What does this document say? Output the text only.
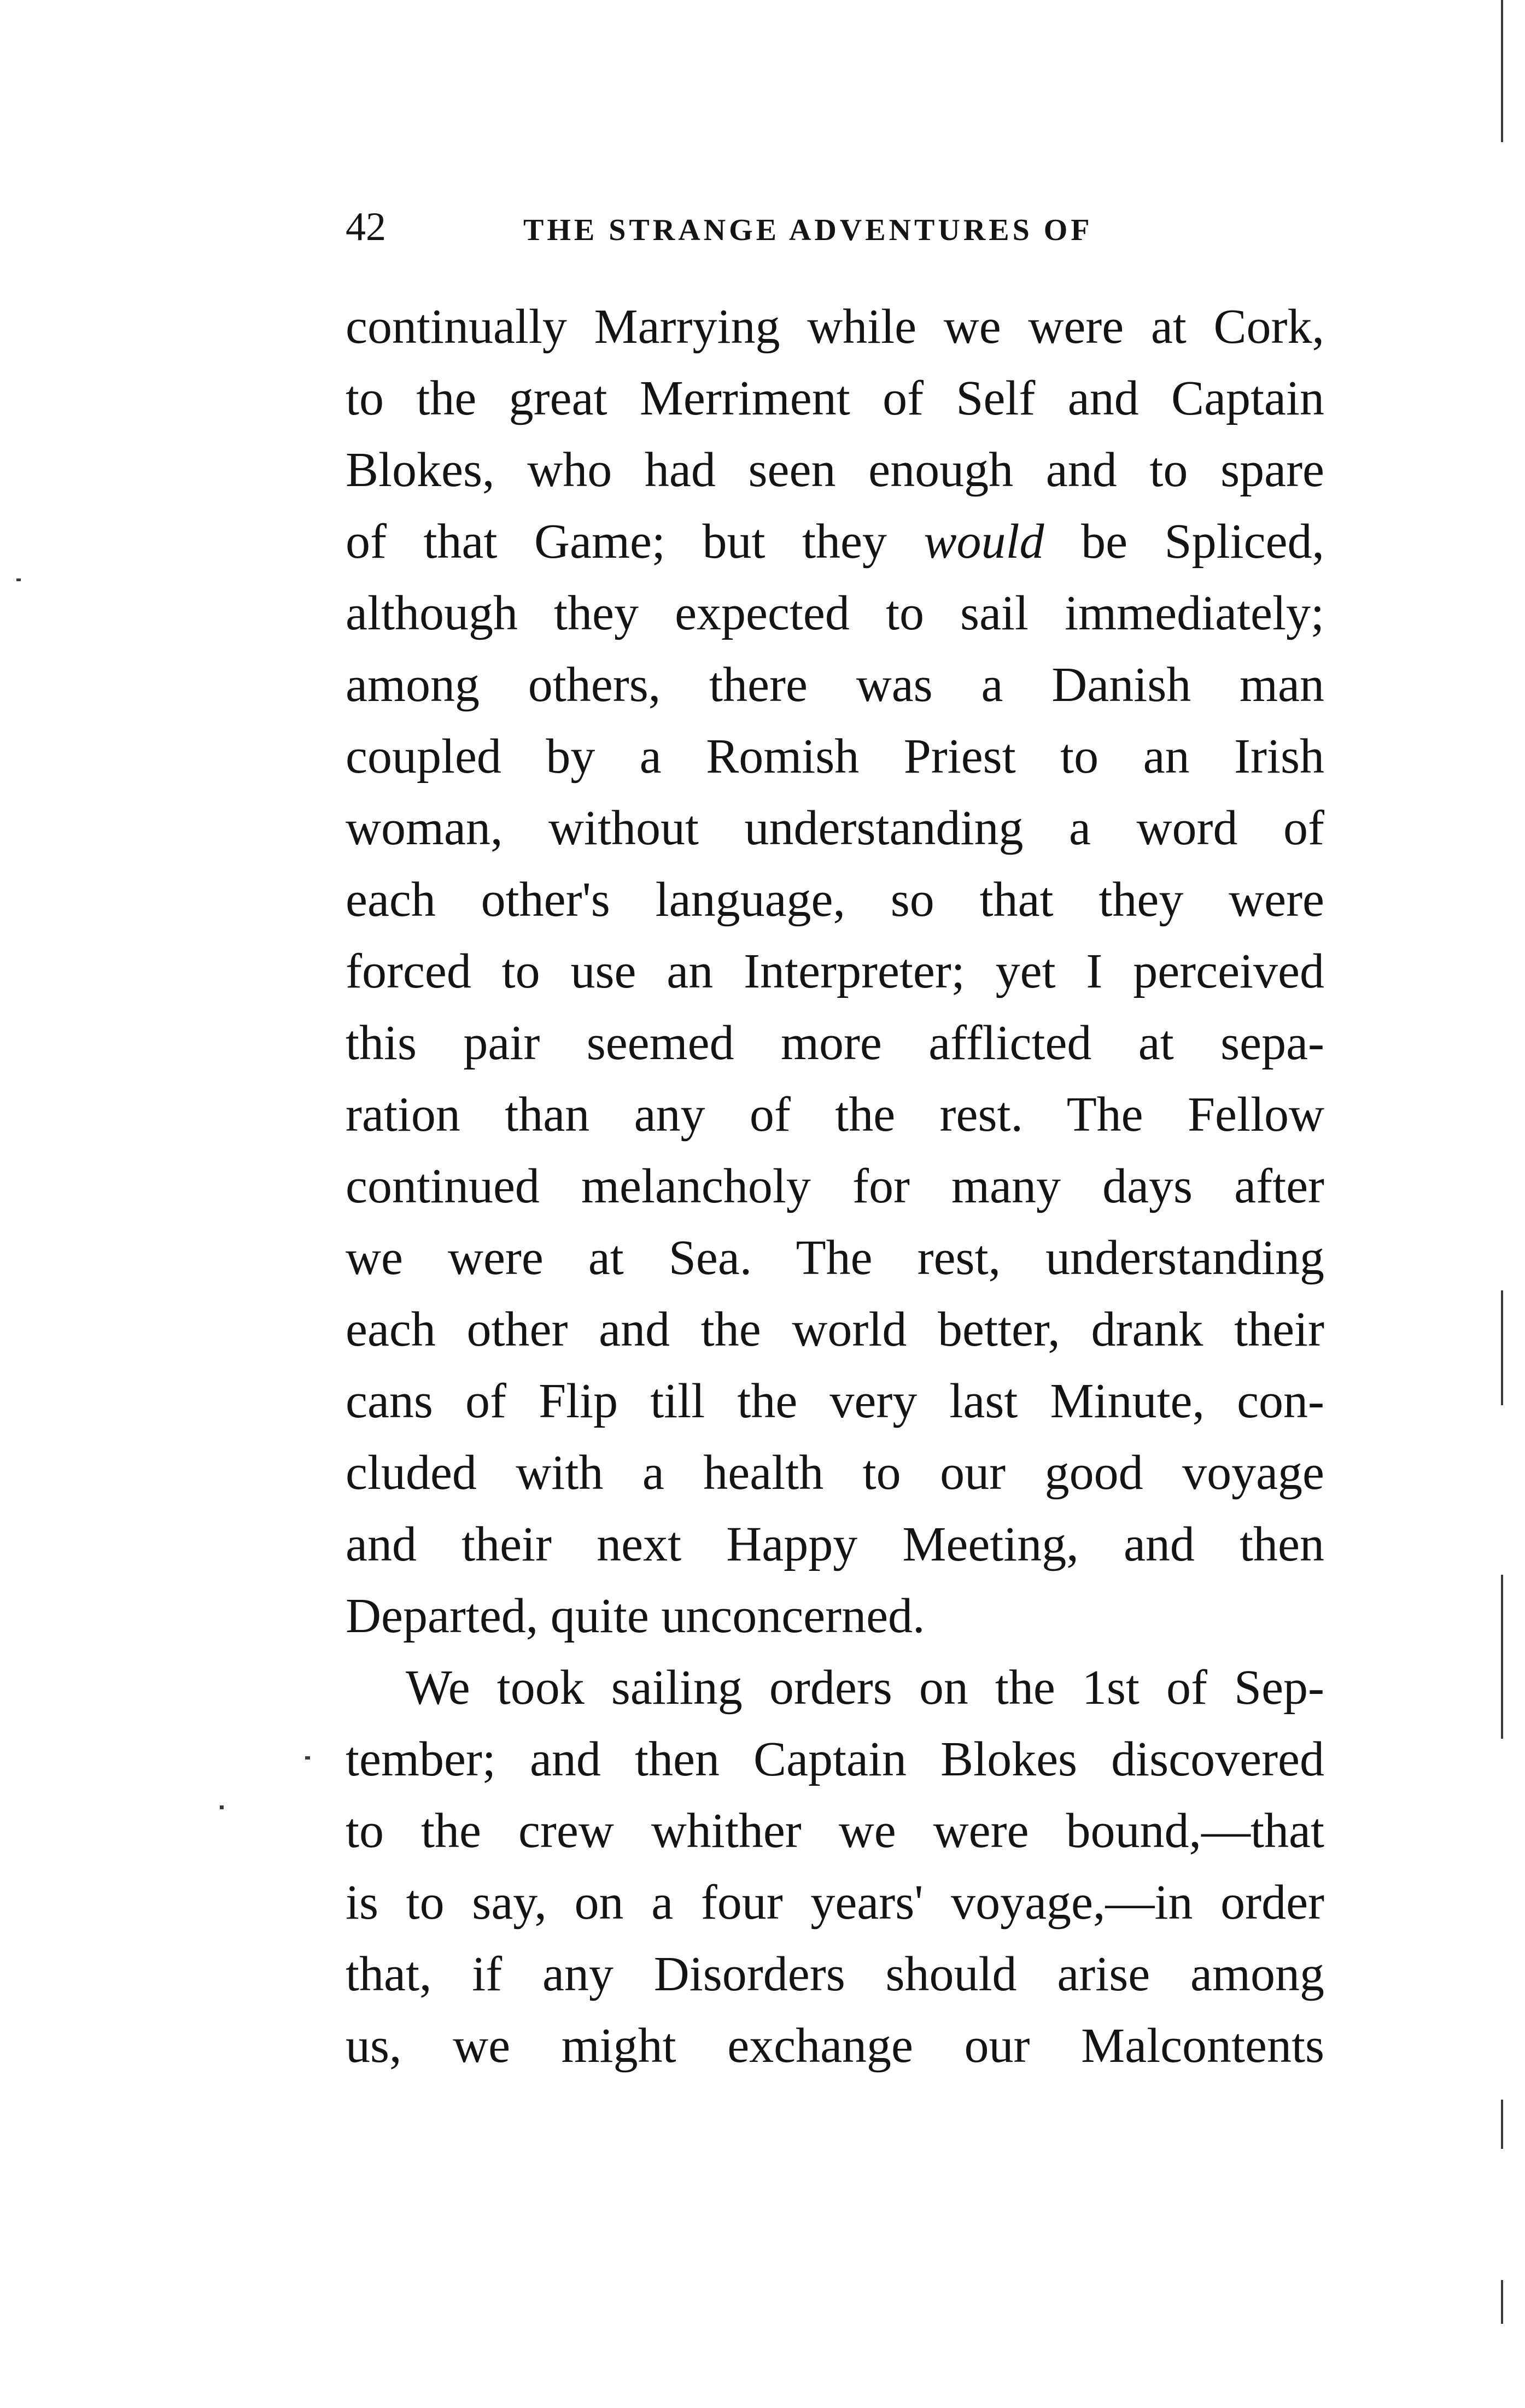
42	THE STRANGE ADVENTURES OF
continually Marrying while we were at Cork,
to the great Merriment of Self and Captain
Blokes, who had seen enough and to spare
of that Game; but they would be Spliced,
although they expected to sail immediately;
among others, there was a Danish man
coupled by a Romish Priest to an Irish
woman, without understanding a word of
each other's language, so that they were
forced to use an Interpreter; yet I perceived
this pair seemed more afflicted at sepa-
ration than any of the rest. The Fellow
continued melancholy for many days after
we were at Sea. The rest, understanding
each other and the world better, drank their
cans of Flip till the very last Minute, con-
cluded with a health to our good voyage
and their next Happy Meeting, and then
Departed, quite unconcerned.
We took sailing orders on the 1st of Sep-
tember; and then Captain Blokes discovered
to the crew whither we were bound,—that
is to say, on a four years' voyage,—in order
that, if any Disorders should arise among
us, we might exchange our Malcontents
